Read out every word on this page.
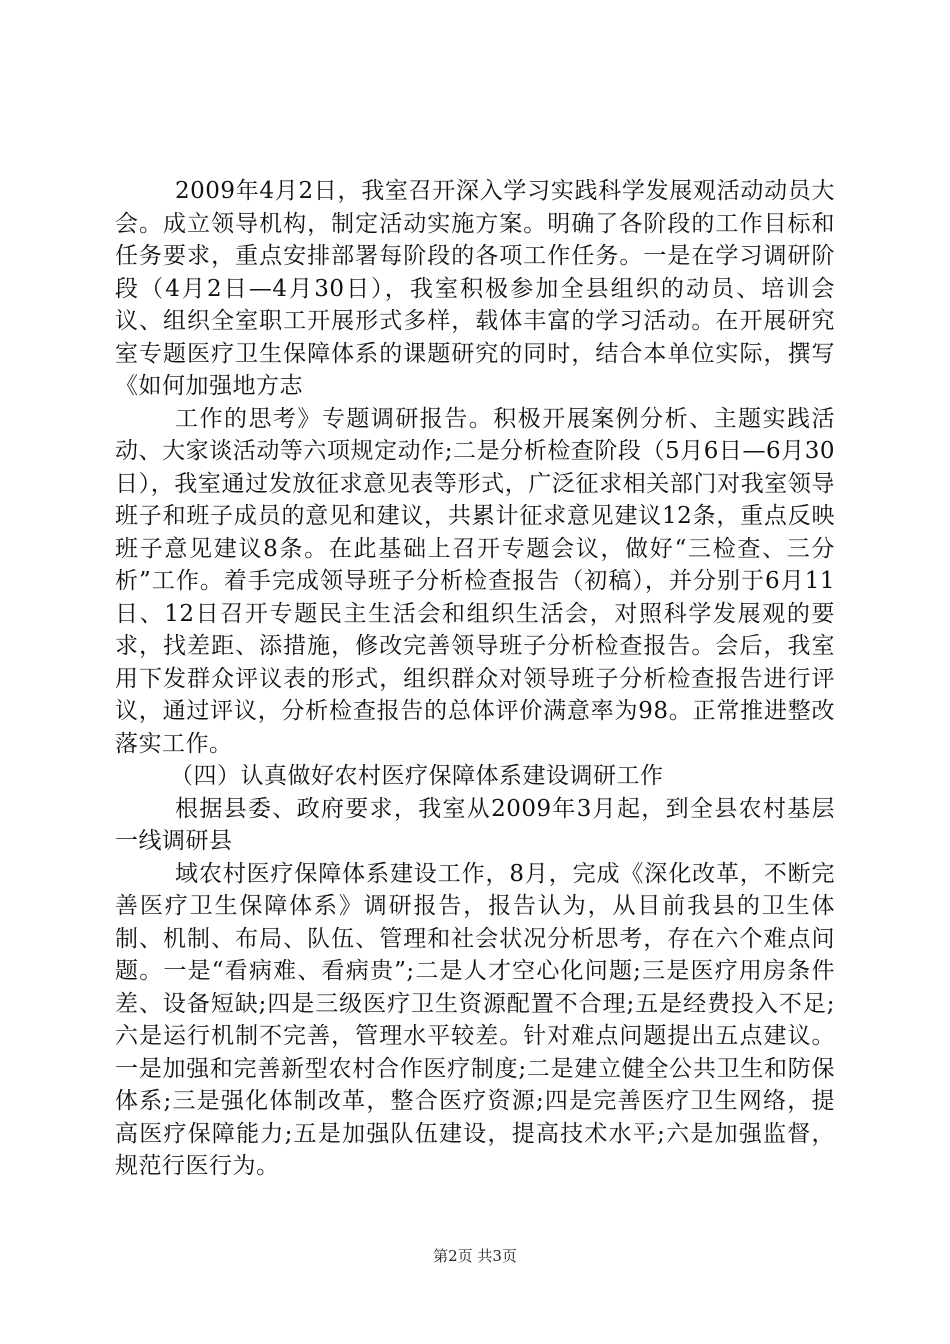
2009年4月2日，我室召开深入学习实践科学发展观活动动员大会。成立领导机构，制定活动实施方案。明确了各阶段的工作目标和任务要求，重点安排部署每阶段的各项工作任务。一是在学习调研阶段（4月2日—4月30日），我室积极参加全县组织的动员、培训会议、组织全室职工开展形式多样，载体丰富的学习活动。在开展研究室专题医疗卫生保障体系的课题研究的同时，结合本单位实际，撰写《如何加强地方志

工作的思考》专题调研报告。积极开展案例分析、主题实践活动、大家谈活动等六项规定动作;二是分析检查阶段（5月6日—6月30日），我室通过发放征求意见表等形式，广泛征求相关部门对我室领导班子和班子成员的意见和建议，共累计征求意见建议12条，重点反映班子意见建议8条。在此基础上召开专题会议，做好“三检查、三分析”工作。着手完成领导班子分析检查报告（初稿），并分别于6月11日、12日召开专题民主生活会和组织生活会，对照科学发展观的要求，找差距、添措施，修改完善领导班子分析检查报告。会后，我室用下发群众评议表的形式，组织群众对领导班子分析检查报告进行评议，通过评议，分析检查报告的总体评价满意率为98。正常推进整改落实工作。

（四）认真做好农村医疗保障体系建设调研工作

根据县委、政府要求，我室从2009年3月起，到全县农村基层一线调研县

域农村医疗保障体系建设工作，8月，完成《深化改革，不断完善医疗卫生保障体系》调研报告，报告认为，从目前我县的卫生体制、机制、布局、队伍、管理和社会状况分析思考，存在六个难点问题。一是“看病难、看病贵”;二是人才空心化问题;三是医疗用房条件差、设备短缺;四是三级医疗卫生资源配置不合理;五是经费投入不足;六是运行机制不完善，管理水平较差。针对难点问题提出五点建议。一是加强和完善新型农村合作医疗制度;二是建立健全公共卫生和防保体系;三是强化体制改革，整合医疗资源;四是完善医疗卫生网络，提高医疗保障能力;五是加强队伍建设，提高技术水平;六是加强监督，规范行医行为。

第2页 共3页
